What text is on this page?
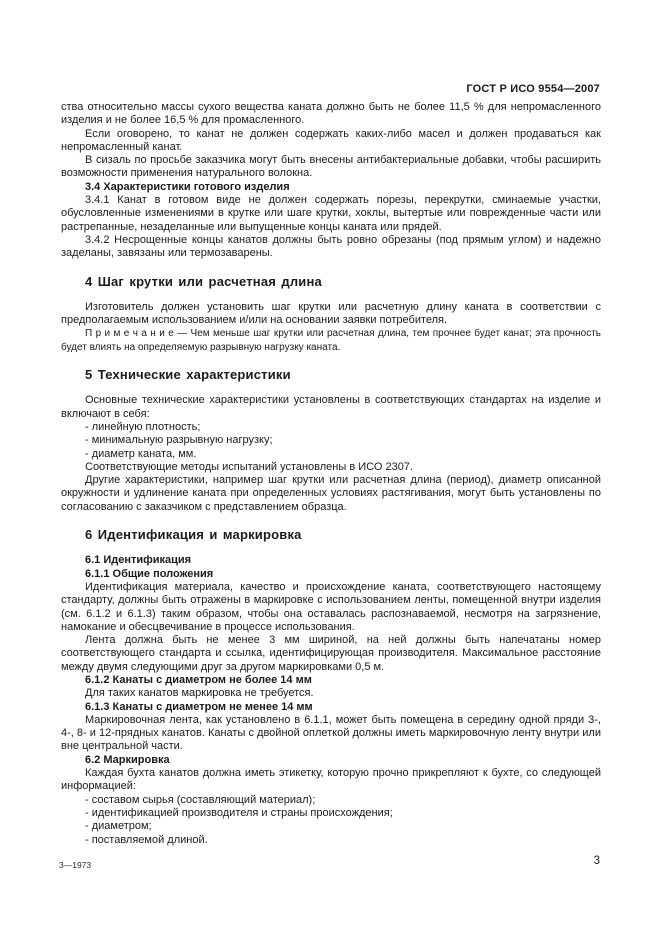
ГОСТ Р ИСО 9554—2007

ства относительно массы сухого вещества каната должно быть не более 11,5 % для непромасленного изделия и не более 16,5 % для промасленного.

Если оговорено, то канат не должен содержать каких-либо масел и должен продаваться как непромасленный канат.

В сизаль по просьбе заказчика могут быть внесены антибактериальные добавки, чтобы расширить возможности применения натурального волокна.

3.4 Характеристики готового изделия

3.4.1 Канат в готовом виде не должен содержать порезы, перекрутки, сминаемые участки, обусловленные изменениями в крутке или шаге крутки, хоклы, вытертые или поврежденные части или растрепанные, незаделанные или выпущенные концы каната или прядей.

3.4.2 Несрощенные концы канатов должны быть ровно обрезаны (под прямым углом) и надежно заделаны, завязаны или термозаварены.

4 Шаг крутки или расчетная длина

Изготовитель должен установить шаг крутки или расчетную длину каната в соответствии с предполагаемым использованием и/или на основании заявки потребителя.

П р и м е ч а н и е — Чем меньше шаг крутки или расчетная длина, тем прочнее будет канат; эта прочность будет влиять на определяемую разрывную нагрузку каната.

5 Технические характеристики

Основные технические характеристики установлены в соответствующих стандартах на изделие и включают в себя:

- линейную плотность;

- минимальную разрывную нагрузку;

- диаметр каната, мм.

Соответствующие методы испытаний установлены в ИСО 2307.

Другие характеристики, например шаг крутки или расчетная длина (период), диаметр описанной окружности и удлинение каната при определенных условиях растягивания, могут быть установлены по согласованию с заказчиком с представлением образца.

6 Идентификация и маркировка

6.1 Идентификация

6.1.1 Общие положения

Идентификация материала, качество и происхождение каната, соответствующего настоящему стандарту, должны быть отражены в маркировке с использованием ленты, помещенной внутри изделия (см. 6.1.2 и 6.1.3) таким образом, чтобы она оставалась распознаваемой, несмотря на загрязнение, намокание и обесцвечивание в процессе использования.

Лента должна быть не менее 3 мм шириной, на ней должны быть напечатаны номер соответствующего стандарта и ссылка, идентифицирующая производителя. Максимальное расстояние между двумя следующими друг за другом маркировками 0,5 м.

6.1.2 Канаты с диаметром не более 14 мм

Для таких канатов маркировка не требуется.

6.1.3 Канаты с диаметром не менее 14 мм

Маркировочная лента, как установлено в 6.1.1, может быть помещена в середину одной пряди 3-, 4-, 8- и 12-прядных канатов. Канаты с двойной оплеткой должны иметь маркировочную ленту внутри или вне центральной части.

6.2 Маркировка

Каждая бухта канатов должна иметь этикетку, которую прочно прикрепляют к бухте, со следующей информацией:

- составом сырья (составляющий материал);

- идентификацией производителя и страны происхождения;

- диаметром;

- поставляемой длиной.

3—1973	3
